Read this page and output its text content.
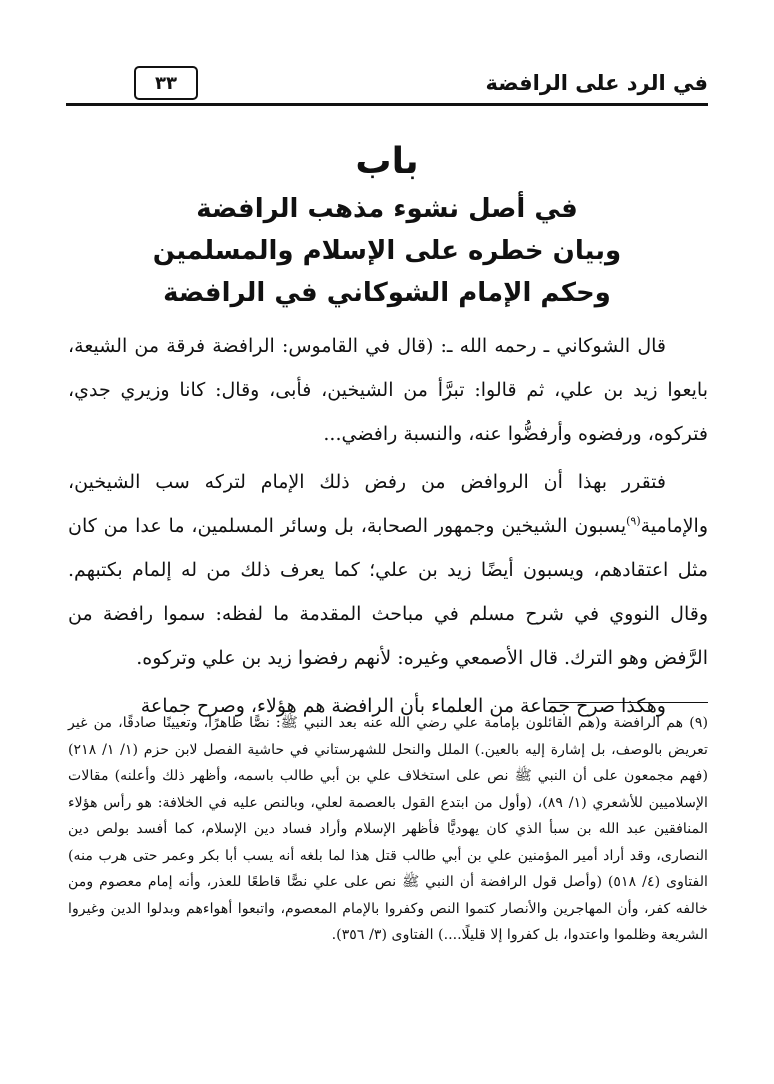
في الرد على الرافضة
٣٣
باب
في أصل نشوء مذهب الرافضة
وبيان خطره على الإسلام والمسلمين
وحكم الإمام الشوكاني في الرافضة

قال الشوكاني ـ رحمه الله ـ: (قال في القاموس: الرافضة فرقة من الشيعة، بايعوا زيد بن علي، ثم قالوا: تبرَّأ من الشيخين، فأبى، وقال: كانا وزيري جدي، فتركوه، ورفضوه وأرفضُّوا عنه، والنسبة رافضي...

فتقرر بهذا أن الروافض من رفض ذلك الإمام لتركه سب الشيخين، والإمامية$^{(٩)}$يسبون الشيخين وجمهور الصحابة، بل وسائر المسلمين، ما عدا من كان مثل اعتقادهم، ويسبون أيضًا زيد بن علي؛ كما يعرف ذلك من له إلمام بكتبهم. وقال النووي في شرح مسلم في مباحث المقدمة ما لفظه: سموا رافضة من الرَّفض وهو الترك. قال الأصمعي وغيره: لأنهم رفضوا زيد بن علي وتركوه.

وهكذا صرح جماعة من العلماء بأن الرافضة هم هؤلاء، وصرح جماعة

(٩) هم الرافضة و(هم القائلون بإمامة علي رضي الله عنه بعد النبي ﷺ: نصًّا ظاهرًا، وتعيينًا صادقًا، من غير تعريض بالوصف، بل إشارة إليه بالعين.) الملل والنحل للشهرستاني في حاشية الفصل لابن حزم (١/ ١/ ٢١٨) (فهم مجمعون على أن النبي ﷺ نص على استخلاف علي بن أبي طالب باسمه، وأظهر ذلك وأعلنه) مقالات الإسلاميين للأشعري (١/ ٨٩)، (وأول من ابتدع القول بالعصمة لعلي، وبالنص عليه في الخلافة: هو رأس هؤلاء المنافقين عبد الله بن سبأ الذي كان يهوديًّا فأظهر الإسلام وأراد فساد دين الإسلام، كما أفسد بولص دين النصارى، وقد أراد أمير المؤمنين علي بن أبي طالب قتل هذا لما بلغه أنه يسب أبا بكر وعمر حتى هرب منه) الفتاوى (٤/ ٥١٨) (وأصل قول الرافضة أن النبي ﷺ نص على علي نصًّا قاطعًا للعذر، وأنه إمام معصوم ومن خالفه كفر، وأن المهاجرين والأنصار كتموا النص وكفروا بالإمام المعصوم، واتبعوا أهواءهم وبدلوا الدين وغيروا الشريعة وظلموا واعتدوا، بل كفروا إلا قليلًا....) الفتاوى (٣/ ٣٥٦).
